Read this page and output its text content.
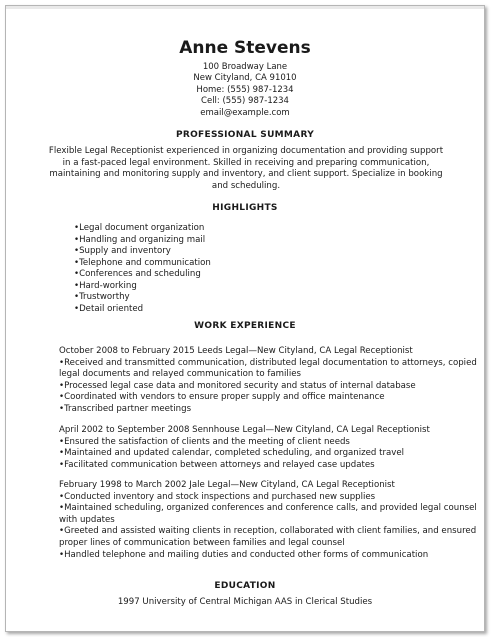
Anne Stevens
100 Broadway Lane
New Cityland, CA 91010
Home: (555) 987-1234
Cell: (555) 987-1234
email@example.com
PROFESSIONAL SUMMARY
Flexible Legal Receptionist experienced in organizing documentation and providing support in a fast-paced legal environment. Skilled in receiving and preparing communication, maintaining and monitoring supply and inventory, and client support. Specialize in booking and scheduling.
HIGHLIGHTS
•Legal document organization
•Handling and organizing mail
•Supply and inventory
•Telephone and communication
•Conferences and scheduling
•Hard-working
•Trustworthy
•Detail oriented
WORK EXPERIENCE
October 2008 to February 2015 Leeds Legal—New Cityland, CA Legal Receptionist
•Received and transmitted communication, distributed legal documentation to attorneys, copied legal documents and relayed communication to families
•Processed legal case data and monitored security and status of internal database
•Coordinated with vendors to ensure proper supply and office maintenance
•Transcribed partner meetings
April 2002 to September 2008 Sennhouse Legal—New Cityland, CA Legal Receptionist
•Ensured the satisfaction of clients and the meeting of client needs
•Maintained and updated calendar, completed scheduling, and organized travel
•Facilitated communication between attorneys and relayed case updates
February 1998 to March 2002 Jale Legal—New Cityland, CA Legal Receptionist
•Conducted inventory and stock inspections and purchased new supplies
•Maintained scheduling, organized conferences and conference calls, and provided legal counsel with updates
•Greeted and assisted waiting clients in reception, collaborated with client families, and ensured proper lines of communication between families and legal counsel
•Handled telephone and mailing duties and conducted other forms of communication
EDUCATION
1997 University of Central Michigan AAS in Clerical Studies
